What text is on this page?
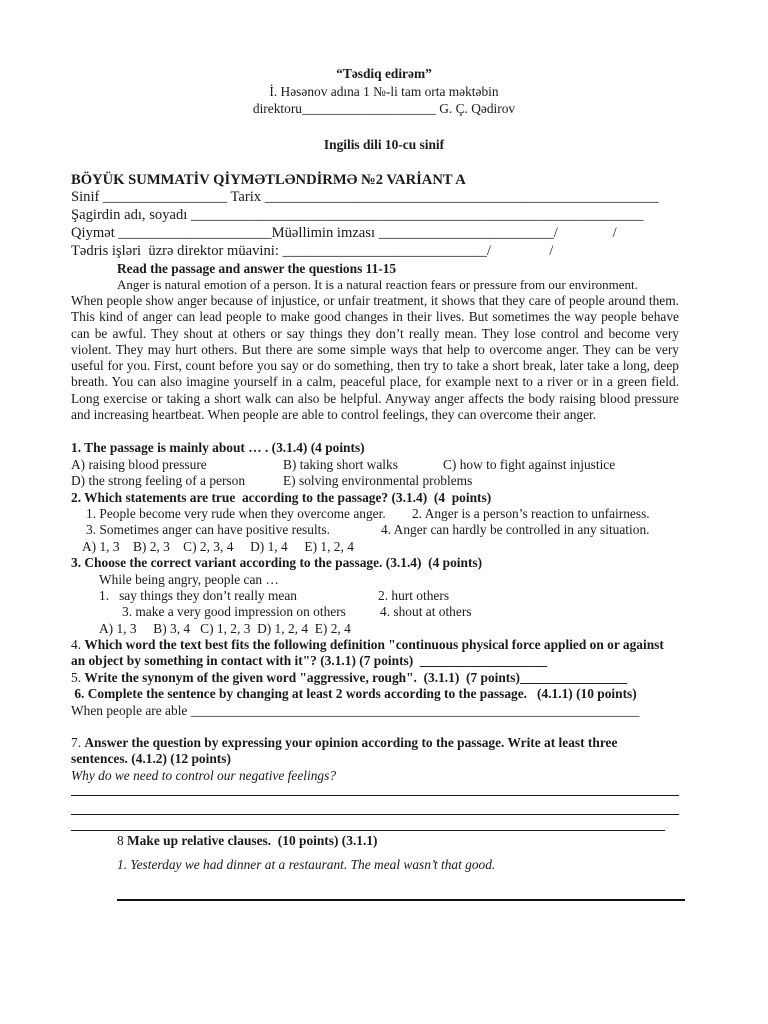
“Təsdiq edirəm”
İ. Həsənov adına 1 №-li tam orta məktəbin
direktoru____________________ G. Ç. Qədirov
Ingilis dili 10-cu sinif
BÖYÜK SUMMATİV QİYMƏTLƏNDİRMƏ №2 VARİANT A
Sinif _________________ Tarix ______________________________________________________
Şagirdin adı, soyadı ______________________________________________________________
Qiymət _____________________Müəllimin imzası ________________________/               /
Tədris işləri  üzrə direktor müavini: ____________________________/                /
Read the passage and answer the questions 11-15
Anger is natural emotion of a person. It is a natural reaction fears or pressure from our environment.
When people show anger because of injustice, or unfair treatment, it shows that they care of people around them. This kind of anger can lead people to make good changes in their lives. But sometimes the way people behave can be awful. They shout at others or say things they don’t really mean. They lose control and become very violent. They may hurt others. But there are some simple ways that help to overcome anger. They can be very useful for you. First, count before you say or do something, then try to take a short break, later take a long, deep breath. You can also imagine yourself in a calm, peaceful place, for example next to a river or in a green field. Long exercise or taking a short walk can also be helpful. Anyway anger affects the body raising blood pressure and increasing heartbeat. When people are able to control feelings, they can overcome their anger.
1. The passage is mainly about … . (3.1.4) (4 points)
A) raising blood pressure	B) taking short walks	C) how to fight against injustice
D) the strong feeling of a person	E) solving environmental problems
2. Which statements are true  according to the passage? (3.1.4)  (4  points)
1. People become very rude when they overcome anger. 2. Anger is a person’s reaction to unfairness.
3. Sometimes anger can have positive results.	4. Anger can hardly be controlled in any situation.
A) 1, 3    B) 2, 3    C) 2, 3, 4     D) 1, 4     E) 1, 2, 4
3. Choose the correct variant according to the passage. (3.1.4)  (4 points)
While being angry, people can …
1.   say things they don’t really mean	2. hurt others
3. make a very good impression on others	4. shout at others
A) 1, 3     B) 3, 4   C) 1, 2, 3  D) 1, 2, 4  E) 2, 4
4. Which word the text best fits the following definition "continuous physical force applied on or against
an object by something in contact with it"? (3.1.1) (7 points)  ___________________
5. Write the synonym of the given word "aggressive, rough".  (3.1.1)  (7 points)________________
6. Complete the sentence by changing at least 2 words according to the passage.   (4.1.1) (10 points)
When people are able ___________________________________________________________________
7. Answer the question by expressing your opinion according to the passage. Write at least three
sentences. (4.1.2) (12 points)
Why do we need to control our negative feelings?
8 Make up relative clauses.  (10 points) (3.1.1)
1. Yesterday we had dinner at a restaurant. The meal wasn’t that good.
